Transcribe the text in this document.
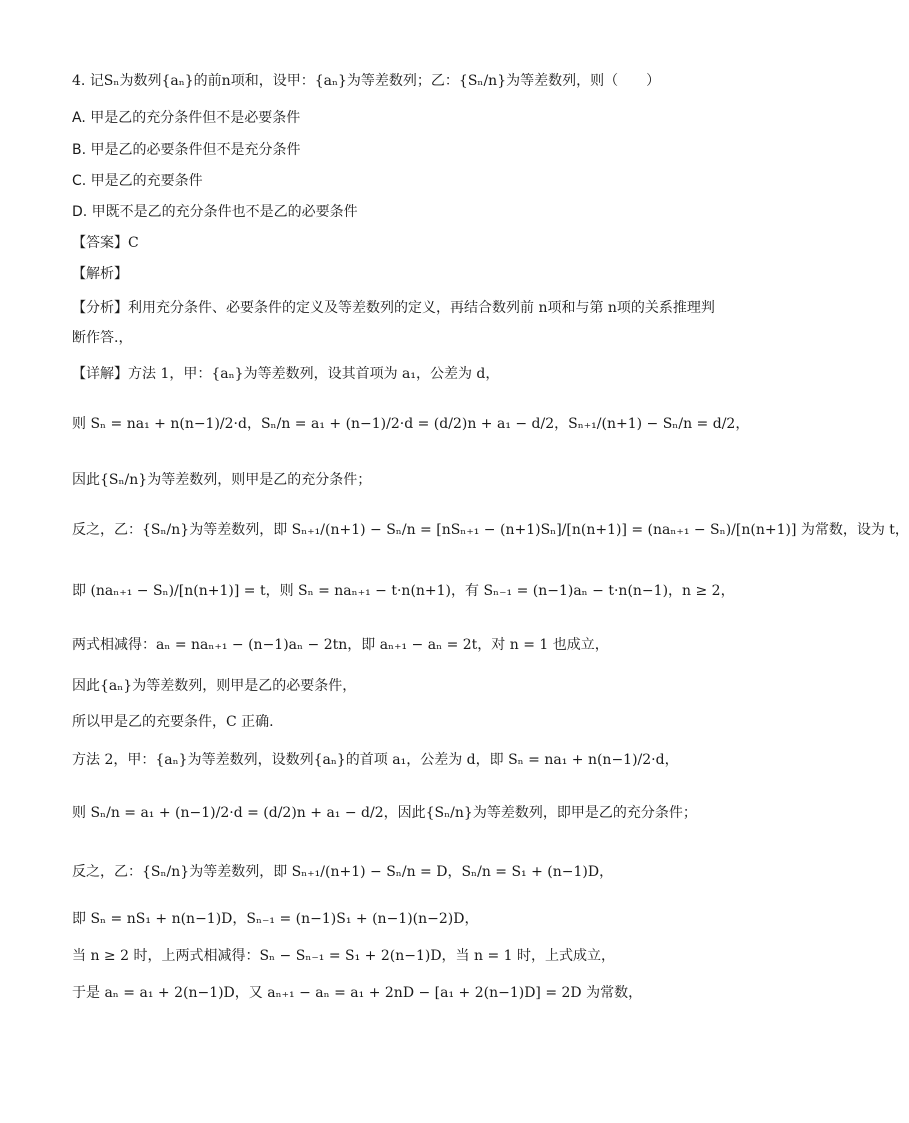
4. 记Sₙ为数列{aₙ}的前n项和，设甲：{aₙ}为等差数列；乙：{Sₙ/n}为等差数列，则（　　）
A. 甲是乙的充分条件但不是必要条件
B. 甲是乙的必要条件但不是充分条件
C. 甲是乙的充要条件
D. 甲既不是乙的充分条件也不是乙的必要条件
【答案】C
【解析】
【分析】利用充分条件、必要条件的定义及等差数列的定义，再结合数列前 n项和与第 n项的关系推理判
断作答.，
【详解】方法 1，甲：{aₙ}为等差数列，设其首项为 a₁，公差为 d，
则 Sₙ = na₁ + n(n−1)/2·d，Sₙ/n = a₁ + (n−1)/2·d = (d/2)n + a₁ − d/2，Sₙ₊₁/(n+1) − Sₙ/n = d/2，
因此{Sₙ/n}为等差数列，则甲是乙的充分条件；
反之，乙：{Sₙ/n}为等差数列，即 Sₙ₊₁/(n+1) − Sₙ/n = [nSₙ₊₁ − (n+1)Sₙ]/[n(n+1)] = (naₙ₊₁ − Sₙ)/[n(n+1)] 为常数，设为 t，
即 (naₙ₊₁ − Sₙ)/[n(n+1)] = t，则 Sₙ = naₙ₊₁ − t·n(n+1)，有 Sₙ₋₁ = (n−1)aₙ − t·n(n−1)，n ≥ 2，
两式相减得：aₙ = naₙ₊₁ − (n−1)aₙ − 2tn，即 aₙ₊₁ − aₙ = 2t，对 n = 1 也成立，
因此{aₙ}为等差数列，则甲是乙的必要条件，
所以甲是乙的充要条件，C 正确.
方法 2，甲：{aₙ}为等差数列，设数列{aₙ}的首项 a₁，公差为 d，即 Sₙ = na₁ + n(n−1)/2·d，
则 Sₙ/n = a₁ + (n−1)/2·d = (d/2)n + a₁ − d/2，因此{Sₙ/n}为等差数列，即甲是乙的充分条件；
反之，乙：{Sₙ/n}为等差数列，即 Sₙ₊₁/(n+1) − Sₙ/n = D，Sₙ/n = S₁ + (n−1)D，
即 Sₙ = nS₁ + n(n−1)D，Sₙ₋₁ = (n−1)S₁ + (n−1)(n−2)D，
当 n ≥ 2 时，上两式相减得：Sₙ − Sₙ₋₁ = S₁ + 2(n−1)D，当 n = 1 时，上式成立，
于是 aₙ = a₁ + 2(n−1)D，又 aₙ₊₁ − aₙ = a₁ + 2nD − [a₁ + 2(n−1)D] = 2D 为常数，
